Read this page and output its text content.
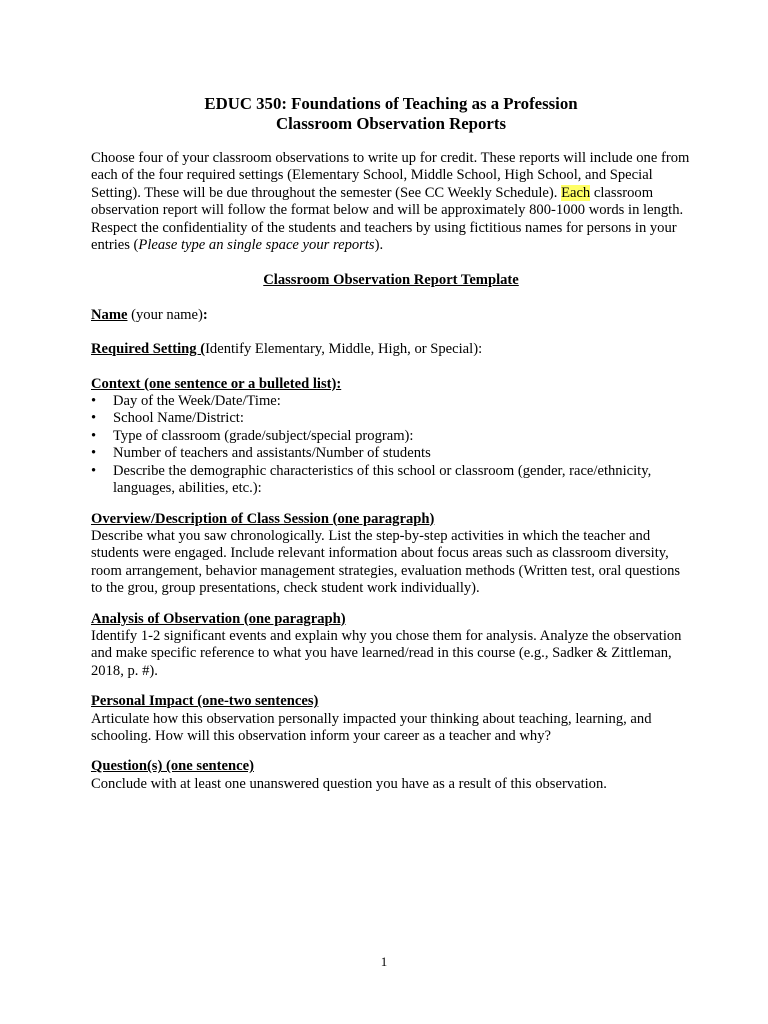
EDUC 350: Foundations of Teaching as a Profession

Classroom Observation Reports

Choose four of your classroom observations to write up for credit. These reports will include one from each of the four required settings (Elementary School, Middle School, High School, and Special Setting). These will be due throughout the semester (See CC Weekly Schedule). Each classroom observation report will follow the format below and will be approximately 800-1000 words in length. Respect the confidentiality of the students and teachers by using fictitious names for persons in your entries (Please type an single space your reports).

Classroom Observation Report Template

Name (your name):

Required Setting (Identify Elementary, Middle, High, or Special):

Context (one sentence or a bulleted list):

• Day of the Week/Date/Time:
• School Name/District:
• Type of classroom (grade/subject/special program):
• Number of teachers and assistants/Number of students
• Describe the demographic characteristics of this school or classroom (gender, race/ethnicity, languages, abilities, etc.):

Overview/Description of Class Session (one paragraph)

Describe what you saw chronologically. List the step-by-step activities in which the teacher and students were engaged. Include relevant information about focus areas such as classroom diversity, room arrangement, behavior management strategies, evaluation methods (Written test, oral questions to the grou, group presentations, check student work individually).

Analysis of Observation (one paragraph)

Identify 1-2 significant events and explain why you chose them for analysis. Analyze the observation and make specific reference to what you have learned/read in this course (e.g., Sadker & Zittleman, 2018, p. #).

Personal Impact (one-two sentences)

Articulate how this observation personally impacted your thinking about teaching, learning, and schooling. How will this observation inform your career as a teacher and why?

Question(s) (one sentence)

Conclude with at least one unanswered question you have as a result of this observation.

1
